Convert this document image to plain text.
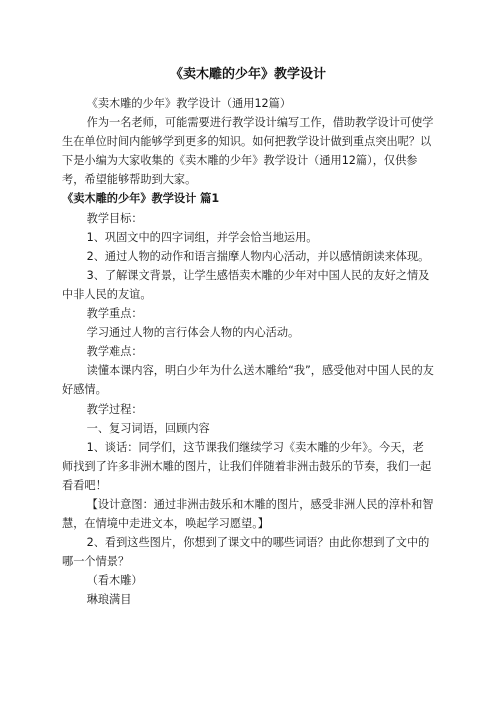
《卖木雕的少年》教学设计

《卖木雕的少年》教学设计（通用12篇）

作为一名老师，可能需要进行教学设计编写工作，借助教学设计可使学生在单位时间内能够学到更多的知识。如何把教学设计做到重点突出呢？以下是小编为大家收集的《卖木雕的少年》教学设计（通用12篇），仅供参考，希望能够帮助到大家。

《卖木雕的少年》教学设计 篇1

教学目标：

1、巩固文中的四字词组，并学会恰当地运用。

2、通过人物的动作和语言揣摩人物内心活动，并以感情朗读来体现。

3、了解课文背景，让学生感悟卖木雕的少年对中国人民的友好之情及中非人民的友谊。

教学重点：

学习通过人物的言行体会人物的内心活动。

教学难点：

读懂本课内容，明白少年为什么送木雕给“我”，感受他对中国人民的友好感情。

教学过程：

一、复习词语，回顾内容

1、谈话：同学们，这节课我们继续学习《卖木雕的少年》。今天，老师找到了许多非洲木雕的图片，让我们伴随着非洲击鼓乐的节奏，我们一起看看吧！

【设计意图：通过非洲击鼓乐和木雕的图片，感受非洲人民的淳朴和智慧，在情境中走进文本，唤起学习愿望。】

2、看到这些图片，你想到了课文中的哪些词语？由此你想到了文中的哪一个情景？

（看木雕）

琳琅满目
